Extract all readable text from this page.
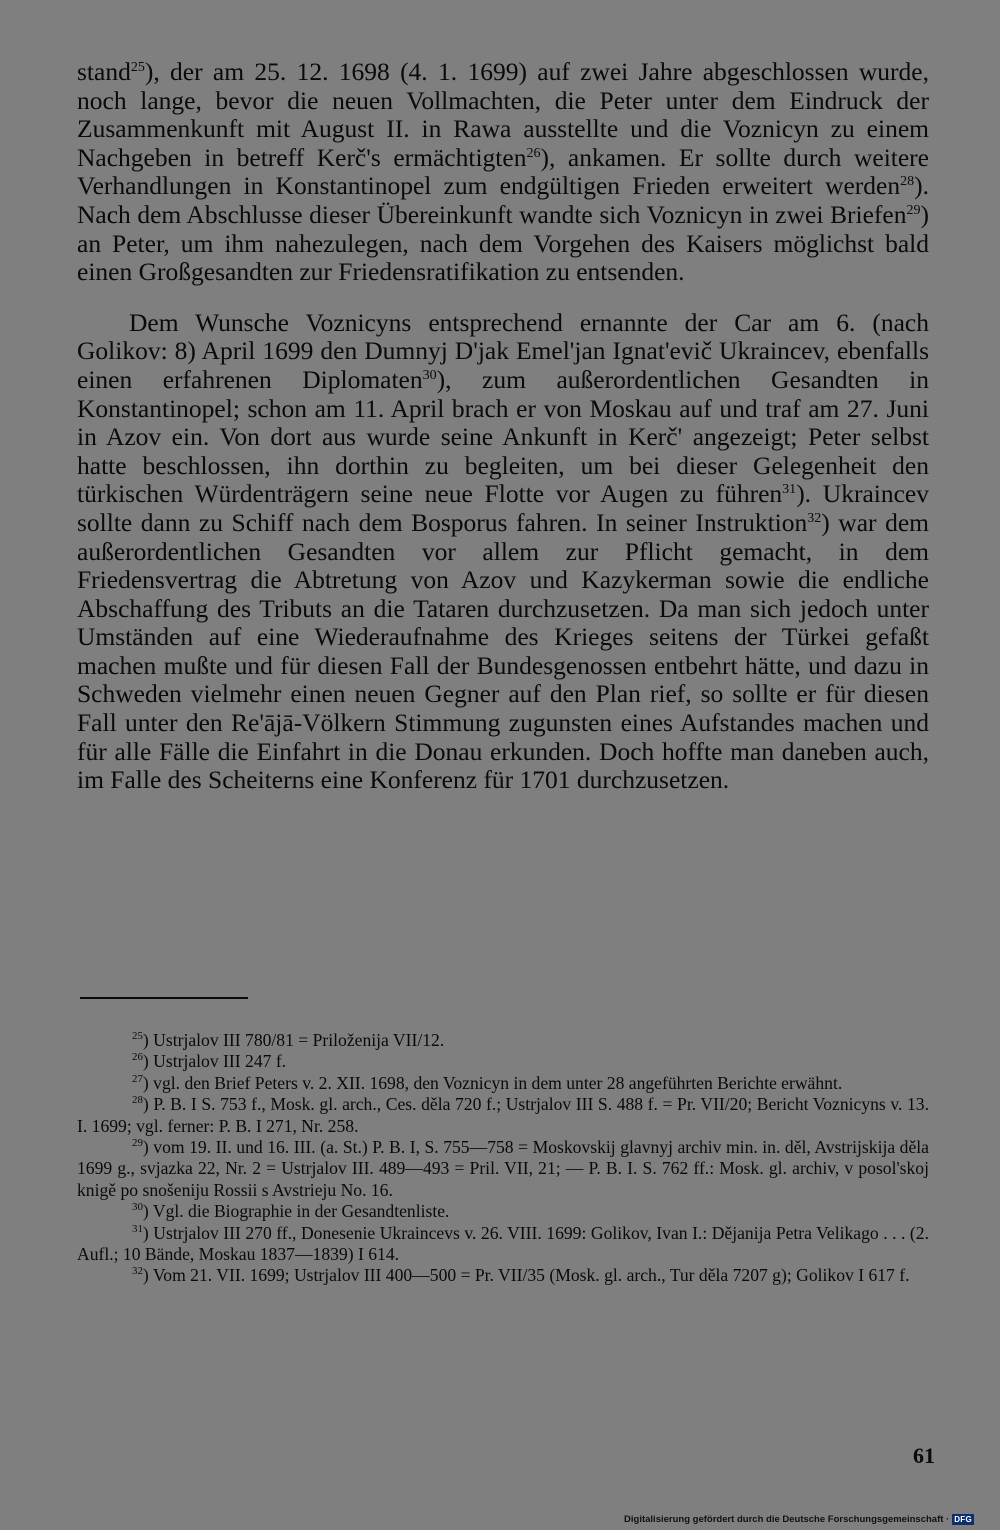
stand$^{25}$), der am 25. 12. 1698 (4. 1. 1699) auf zwei Jahre abgeschlossen wurde, noch lange, bevor die neuen Vollmachten, die Peter unter dem Eindruck der Zusammenkunft mit August II. in Rawa ausstellte und die Voznicyn zu einem Nachgeben in betreff Kerč's ermächtigten$^{26}$), ankamen. Er sollte durch weitere Verhandlungen in Konstantinopel zum endgültigen Frieden erweitert werden$^{28}$). Nach dem Abschlusse dieser Übereinkunft wandte sich Voznicyn in zwei Briefen$^{29}$) an Peter, um ihm nahezulegen, nach dem Vorgehen des Kaisers möglichst bald einen Großgesandten zur Friedensratifikation zu entsenden.

Dem Wunsche Voznicyns entsprechend ernannte der Car am 6. (nach Golikov: 8) April 1699 den Dumnyj D'jak Emel'jan Ignat'evič Ukraincev, ebenfalls einen erfahrenen Diplomaten$^{30}$), zum außerordentlichen Gesandten in Konstantinopel; schon am 11. April brach er von Moskau auf und traf am 27. Juni in Azov ein. Von dort aus wurde seine Ankunft in Kerč' angezeigt; Peter selbst hatte beschlossen, ihn dorthin zu begleiten, um bei dieser Gelegenheit den türkischen Würdenträgern seine neue Flotte vor Augen zu führen$^{31}$). Ukraincev sollte dann zu Schiff nach dem Bosporus fahren. In seiner Instruktion$^{32}$) war dem außerordentlichen Gesandten vor allem zur Pflicht gemacht, in dem Friedensvertrag die Abtretung von Azov und Kazykerman sowie die endliche Abschaffung des Tributs an die Tataren durchzusetzen. Da man sich jedoch unter Umständen auf eine Wiederaufnahme des Krieges seitens der Türkei gefaßt machen mußte und für diesen Fall der Bundesgenossen entbehrt hätte, und dazu in Schweden vielmehr einen neuen Gegner auf den Plan rief, so sollte er für diesen Fall unter den Re'ājā-Völkern Stimmung zugunsten eines Aufstandes machen und für alle Fälle die Einfahrt in die Donau erkunden. Doch hoffte man daneben auch, im Falle des Scheiterns eine Konferenz für 1701 durchzusetzen.

$^{25}$) Ustrjalov III 780/81 = Priloženija VII/12.

$^{26}$) Ustrjalov III 247 f.

$^{27}$) vgl. den Brief Peters v. 2. XII. 1698, den Voznicyn in dem unter 28 angeführten Berichte erwähnt.

$^{28}$) P. B. I S. 753 f., Mosk. gl. arch., Ces. děla 720 f.; Ustrjalov III S. 488 f. = Pr. VII/20; Bericht Voznicyns v. 13. I. 1699; vgl. ferner: P. B. I 271, Nr. 258.

$^{29}$) vom 19. II. und 16. III. (a. St.) P. B. I, S. 755—758 = Moskovskij glavnyj archiv min. in. děl, Avstrijskija děla 1699 g., svjazka 22, Nr. 2 = Ustrjalov III. 489—493 = Pril. VII, 21; — P. B. I. S. 762 ff.: Mosk. gl. archiv, v posol'skoj knigě po snošeniju Rossii s Avstrieju No. 16.

$^{30}$) Vgl. die Biographie in der Gesandtenliste.

$^{31}$) Ustrjalov III 270 ff., Donesenie Ukraincevs v. 26. VIII. 1699: Golikov, Ivan I.: Dějanija Petra Velikago . . . (2. Aufl.; 10 Bände, Moskau 1837—1839) I 614.

$^{32}$) Vom 21. VII. 1699; Ustrjalov III 400—500 = Pr. VII/35 (Mosk. gl. arch., Tur děla 7207 g); Golikov I 617 f.

61
Digitalisierung gefördert durch die Deutsche Forschungsgemeinschaft · DFG
